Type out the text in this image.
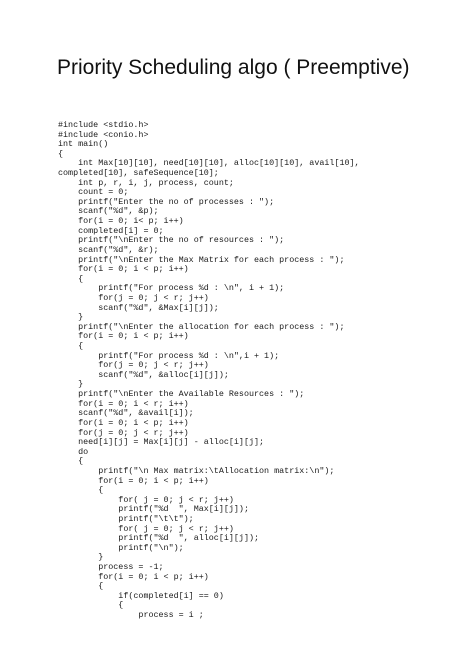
Priority Scheduling algo ( Preemptive)
#include <stdio.h>
#include <conio.h>
int main()
{
int Max[10][10], need[10][10], alloc[10][10], avail[10],
completed[10], safeSequence[10];
int p, r, i, j, process, count;
count = 0;
printf("Enter the no of processes : ");
scanf("%d", &p);
for(i = 0; i< p; i++)
completed[i] = 0;
printf("\nEnter the no of resources : ");
scanf("%d", &r);
printf("\nEnter the Max Matrix for each process : ");
for(i = 0; i < p; i++)
{
printf("For process %d : \n", i + 1);
for(j = 0; j < r; j++)
scanf("%d", &Max[i][j]);
}
printf("\nEnter the allocation for each process : ");
for(i = 0; i < p; i++)
{
printf("For process %d : \n",i + 1);
for(j = 0; j < r; j++)
scanf("%d", &alloc[i][j]);
}
printf("\nEnter the Available Resources : ");
for(i = 0; i < r; i++)
scanf("%d", &avail[i]);
for(i = 0; i < p; i++)
for(j = 0; j < r; j++)
need[i][j] = Max[i][j] - alloc[i][j];
do
{
printf("\n Max matrix:\tAllocation matrix:\n");
for(i = 0; i < p; i++)
{
for( j = 0; j < r; j++)
printf("%d  ", Max[i][j]);
printf("\t\t");
for( j = 0; j < r; j++)
printf("%d  ", alloc[i][j]);
printf("\n");
}
process = -1;
for(i = 0; i < p; i++)
{
if(completed[i] == 0)
{
process = i ;
